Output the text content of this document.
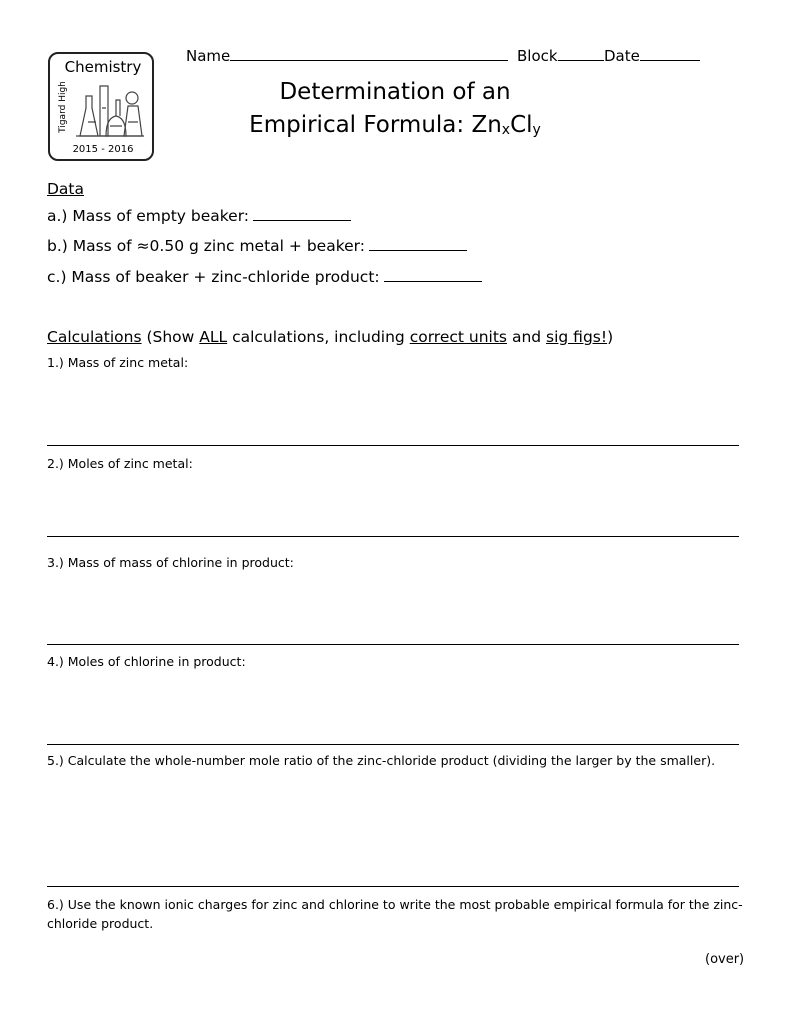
Chemistry
Tigard High
2015 - 2016
Name	Block	Date
Determination of an
Empirical Formula: $Zn_xCl_y$
Data
a.) Mass of empty beaker:
b.) Mass of ≈0.50 g zinc metal + beaker:
c.) Mass of beaker + zinc-chloride product:
Calculations (Show ALL calculations, including correct units and sig figs!)
1.) Mass of zinc metal:
2.) Moles of zinc metal:
3.) Mass of mass of chlorine in product:
4.) Moles of chlorine in product:
5.) Calculate the whole-number mole ratio of the zinc-chloride product (dividing the larger by the smaller).
6.) Use the known ionic charges for zinc and chlorine to write the most probable empirical formula for the zinc-chloride product.
(over)
